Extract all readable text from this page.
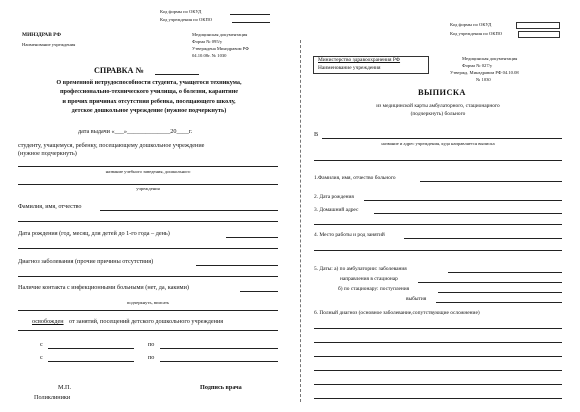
Код формы по ОКУД
Код учреждения по ОКПО
МИНЗДРАВ РФ
Наименование учреждения
Медицинская документация
Форма № 095/у
Утверждена Минздравом РФ
04.10.08г. № 1030
СПРАВКА №
О временной нетрудоспособности студента, учащегося техникума,
профессионально-технического училища, о болезни, карантине
и прочих причинах отсутствия ребенка, посещающего школу,
детское дошкольное учреждение (нужное подчеркнуть)
дата выдачи «___»______________20____г.
студенту, учащемуся, ребенку, посещающему дошкольное учреждение
(нужное подчеркнуть)
название учебного заведения, дошкольного
учреждения
Фамилия, имя, отчество
Дата рождения (год, месяц, для детей до 1-го года – день)
Диагноз заболевания (прочие причины отсутствия)
Наличие контакта с инфекционными больными (нет, да, какими)
подчеркнуть, вписать
освобожден от занятий, посещений детского дошкольного учреждения
с	по
с	по
М.П.
Поликлиники
Подпись врача
Код формы по ОКУД
Код учреждения по ОКПО
Министерство здравоохранения РФ
Наименование учреждения
Медицинская документация
Форма № 027/у
Утвержд. Минздравом РФ 04.10.08
№ 1030
ВЫПИСКА
из медицинской карты амбулаторного, стационарного
(подчеркнуть) больного
В
название и адрес учреждения, куда направляется выписка
1.Фамилия, имя, отчество больного
2. Дата рождения
3. Домашний адрес
4. Место работы и род занятий
5. Даты: а) по амбулатории: заболевания
направления в стационар
б) по стационару: поступления
выбытия
6. Полный диагноз (основное заболевание,сопутствующие осложнение)
